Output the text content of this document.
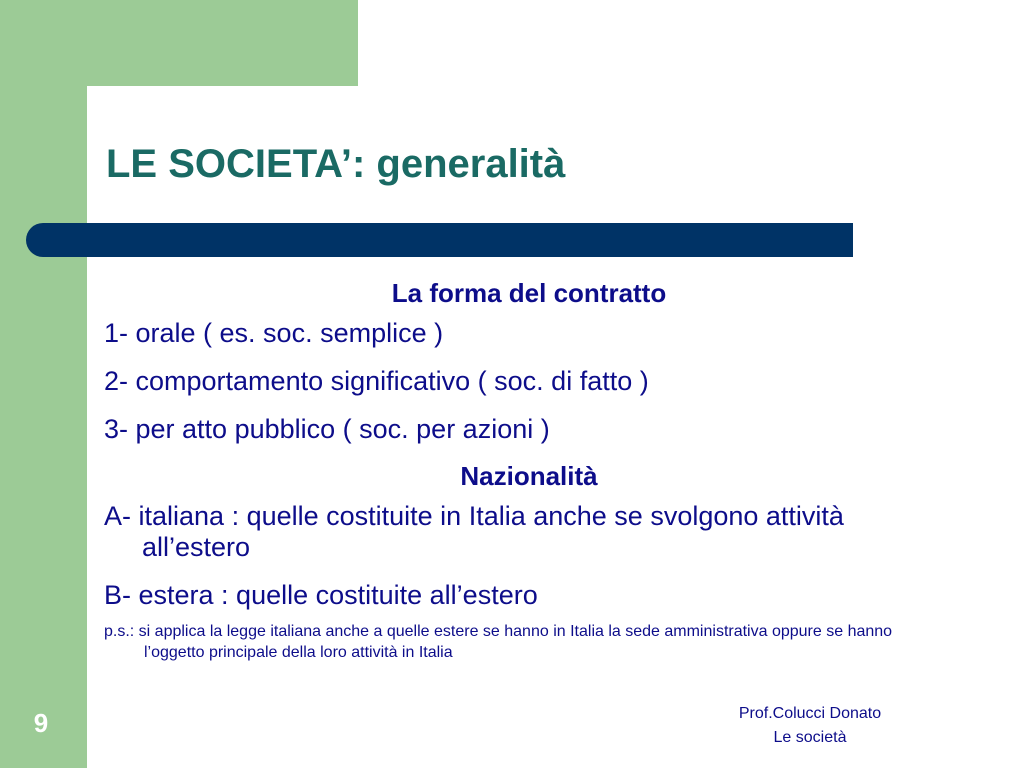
LE SOCIETA’: generalità

La forma del contratto

1- orale ( es. soc. semplice )

2- comportamento significativo ( soc. di fatto )

3- per atto pubblico ( soc. per azioni )

Nazionalità

A- italiana : quelle costituite in Italia anche se svolgono attività all’estero

B- estera : quelle costituite all’estero

p.s.: si applica la legge italiana anche a quelle estere se hanno in Italia la sede amministrativa oppure se hanno l’oggetto principale della loro attività in Italia

Prof.Colucci Donato
Le società
9
